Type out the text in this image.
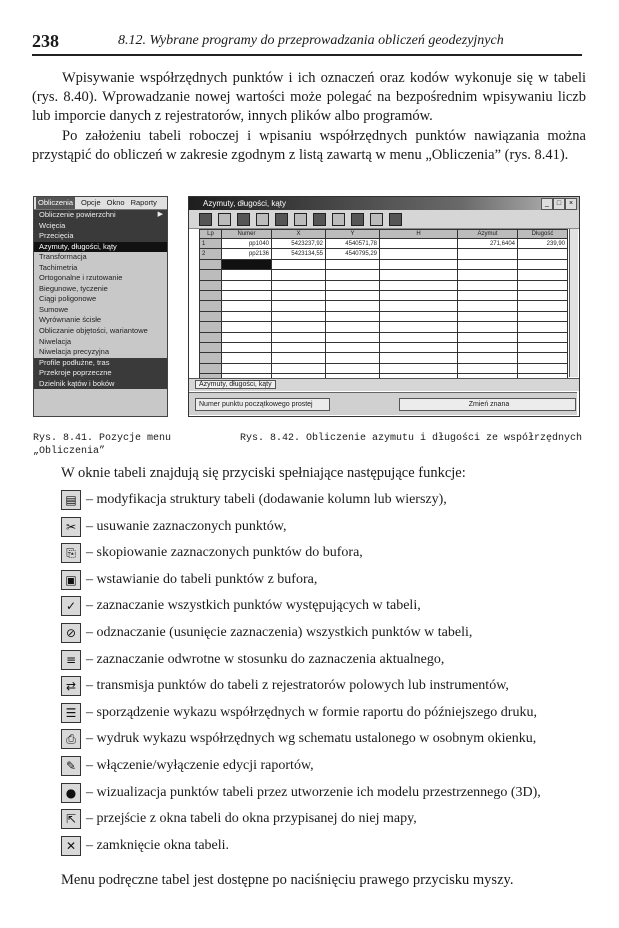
238	8.12. Wybrane programy do przeprowadzania obliczeń geodezyjnych
Wpisywanie współrzędnych punktów i ich oznaczeń oraz kodów wykonuje się w tabeli (rys. 8.40). Wprowadzanie nowej wartości może polegać na bezpośrednim wpisywaniu liczb lub imporcie danych z rejestratorów, innych plików albo programów.
Po założeniu tabeli roboczej i wpisaniu współrzędnych punktów nawiązania można przystąpić do obliczeń w zakresie zgodnym z listą zawartą w menu „Obliczenia” (rys. 8.41).
Obliczenia Opcje Okno Raporty
Obliczenie powierzchni	▶
Wcięcia
Przecięcia
Azymuty, długości, kąty
Transformacja
Tachimetria
Ortogonalne i rzutowanie
Biegunowe, tyczenie
Ciągi poligonowe
Sumowe
Wyrównanie ścisłe
Obliczanie objętości, wariantowe
Niwelacja
Niwelacja precyzyjna
Profile podłużne, tras
Przekroje poprzeczne
Dzielnik kątów i boków
Azymuty, długości, kąty	_	□	×
Lp	Numer	X	Y	H	Azymut	Długość
1	pp1040	5423237,92	4540571,78		271,6404	239,90
2	pp2136	5423134,55	4540795,29			

Azymuty, długości, kąty
Numer punktu początkowego prostej	Zmień znana
Rys. 8.41. Pozycje menu „Obliczenia”
Rys. 8.42. Obliczenie azymutu i długości ze współrzędnych
W oknie tabeli znajdują się przyciski spełniające następujące funkcje:
▤ – modyfikacja struktury tabeli (dodawanie kolumn lub wierszy),
✂ – usuwanie zaznaczonych punktów,
⎘ – skopiowanie zaznaczonych punktów do bufora,
▣ – wstawianie do tabeli punktów z bufora,
✓ – zaznaczanie wszystkich punktów występujących w tabeli,
⊘ – odznaczanie (usunięcie zaznaczenia) wszystkich punktów w tabeli,
≡ – zaznaczanie odwrotne w stosunku do zaznaczenia aktualnego,
⇄ – transmisja punktów do tabeli z rejestratorów polowych lub instrumentów,
☰ – sporządzenie wykazu współrzędnych w formie raportu do późniejszego druku,
⎙ – wydruk wykazu współrzędnych wg schematu ustalonego w osobnym okienku,
✎ – włączenie/wyłączenie edycji raportów,
● – wizualizacja punktów tabeli przez utworzenie ich modelu przestrzennego (3D),
⇱ – przejście z okna tabeli do okna przypisanej do niej mapy,
✕ – zamknięcie okna tabeli.
Menu podręczne tabel jest dostępne po naciśnięciu prawego przycisku myszy.
